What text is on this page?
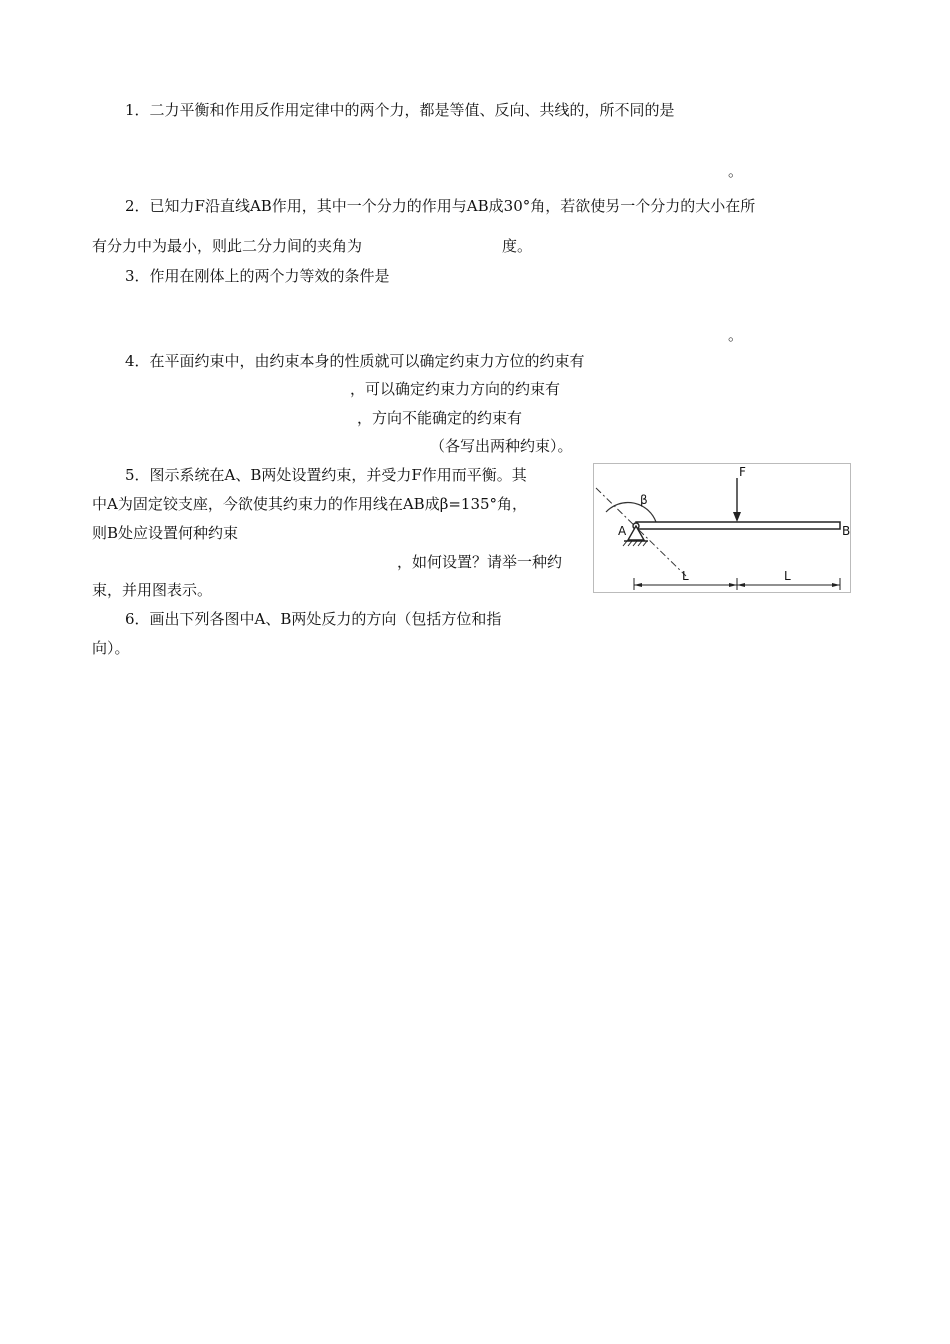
1．二力平衡和作用反作用定律中的两个力，都是等值、反向、共线的，所不同的是
。
2．已知力F沿直线AB作用，其中一个分力的作用与AB成30°角，若欲使另一个分力的大小在所
有分力中为最小，则此二分力间的夹角为	度。
3．作用在刚体上的两个力等效的条件是
。
4．在平面约束中，由约束本身的性质就可以确定约束力方位的约束有
，可以确定约束力方向的约束有
，方向不能确定的约束有
（各写出两种约束）。
5．图示系统在A、B两处设置约束，并受力F作用而平衡。其
中A为固定铰支座，今欲使其约束力的作用线在AB成β=135°角，
则B处应设置何种约束
，如何设置？请举一种约
束，并用图表示。
6．画出下列各图中A、B两处反力的方向（包括方位和指
向）。
F
β
A	B
L	L
